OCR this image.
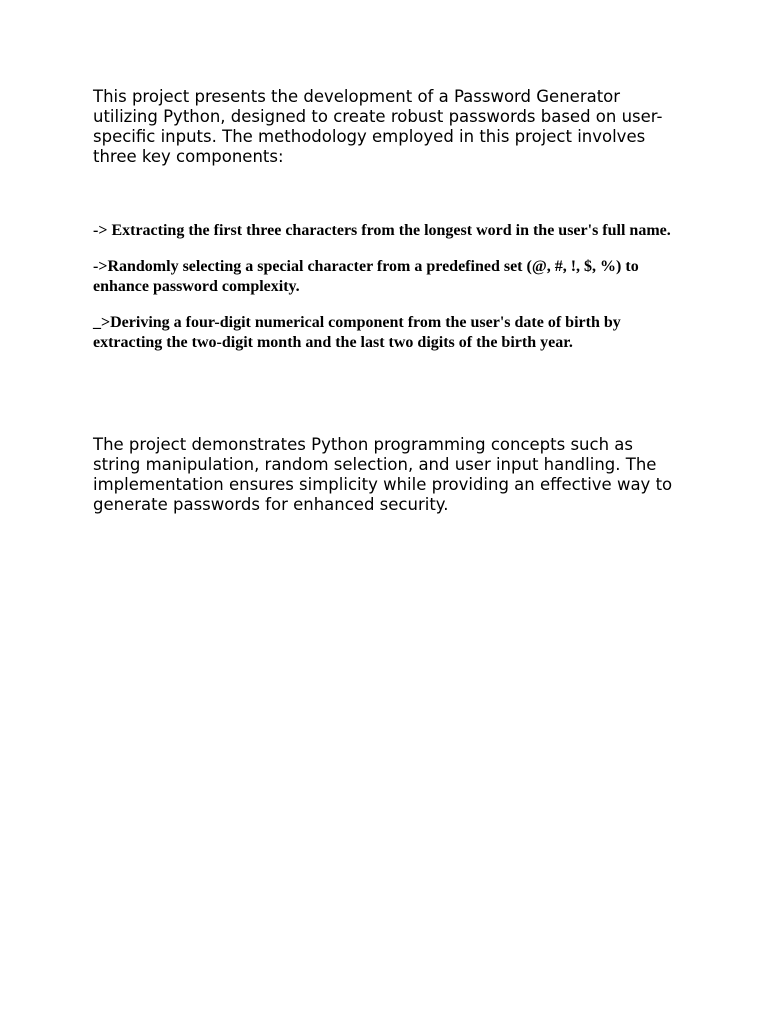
This project presents the development of a Password Generator utilizing Python, designed to create robust passwords based on user-specific inputs. The methodology employed in this project involves three key components:

-> Extracting the first three characters from the longest word in the user's full name.
->Randomly selecting a special character from a predefined set (@, #, !, $, %) to enhance password complexity.
_>Deriving a four-digit numerical component from the user's date of birth by extracting the two-digit month and the last two digits of the birth year.

The project demonstrates Python programming concepts such as string manipulation, random selection, and user input handling. The implementation ensures simplicity while providing an effective way to generate passwords for enhanced security.
